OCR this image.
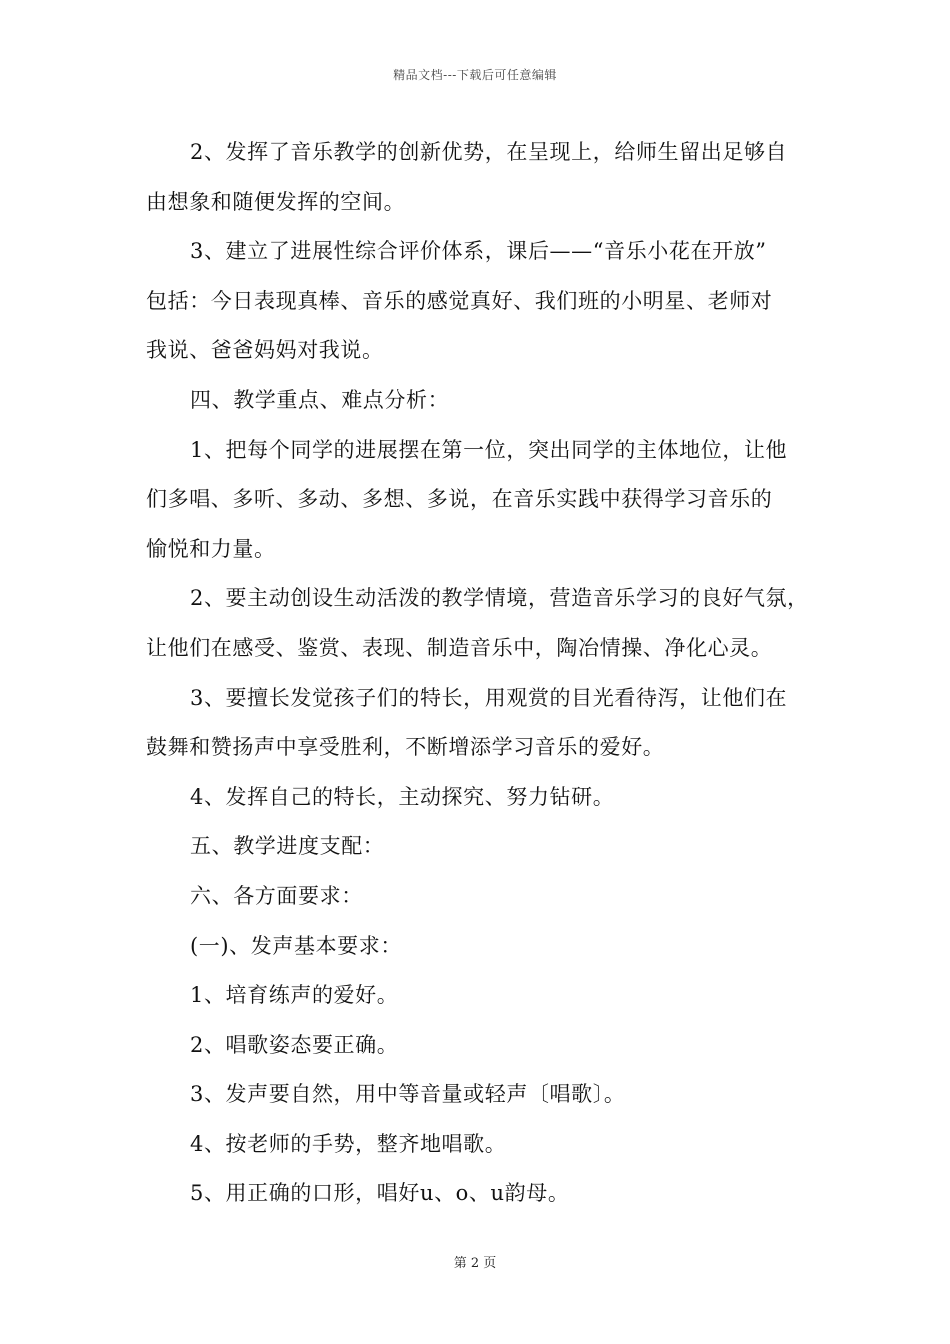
精品文档---下载后可任意编辑
2、发挥了音乐教学的创新优势，在呈现上，给师生留出足够自
由想象和随便发挥的空间。
3、建立了进展性综合评价体系，课后——“音乐小花在开放”
包括：今日表现真棒、音乐的感觉真好、我们班的小明星、老师对
我说、爸爸妈妈对我说。
四、教学重点、难点分析：
1、把每个同学的进展摆在第一位，突出同学的主体地位，让他
们多唱、多听、多动、多想、多说，在音乐实践中获得学习音乐的
愉悦和力量。
2、要主动创设生动活泼的教学情境，营造音乐学习的良好气氛，
让他们在感受、鉴赏、表现、制造音乐中，陶冶情操、净化心灵。
3、要擅长发觉孩子们的特长，用观赏的目光看待泻，让他们在
鼓舞和赞扬声中享受胜利，不断增添学习音乐的爱好。
4、发挥自己的特长，主动探究、努力钻研。
五、教学进度支配：
六、各方面要求：
(一)、发声基本要求：
1、培育练声的爱好。
2、唱歌姿态要正确。
3、发声要自然，用中等音量或轻声〔唱歌〕。
4、按老师的手势，整齐地唱歌。
5、用正确的口形，唱好u、o、u韵母。
第 2 页
